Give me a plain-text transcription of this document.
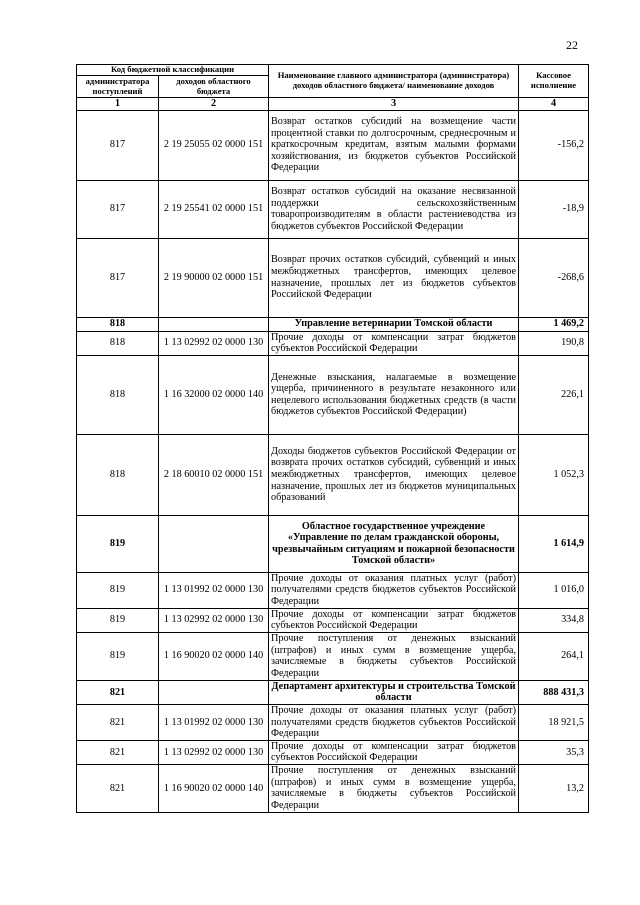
22
Код бюджетной классификации		Наименование главного администратора (администратора) доходов областного бюджета/ наименование доходов	Кассовое исполнение
администратора поступлений	доходов областного бюджета		
1	2	3	4
817	2 19 25055 02 0000 151	Возврат остатков субсидий на возмещение части процентной ставки по долгосрочным, среднесрочным и краткосрочным кредитам, взятым малыми формами хозяйствования, из бюджетов субъектов Российской Федерации	-156,2
817	2 19 25541 02 0000 151	Возврат остатков субсидий на оказание несвязанной поддержки сельскохозяйственным товаропроизводителям в области растениеводства из бюджетов субъектов Российской Федерации	-18,9
817	2 19 90000 02 0000 151	Возврат прочих остатков субсидий, субвенций и иных межбюджетных трансфертов, имеющих целевое назначение, прошлых лет из бюджетов субъектов Российской Федерации	-268,6
818		Управление ветеринарии Томской области	1 469,2
818	1 13 02992 02 0000 130	Прочие доходы от компенсации затрат бюджетов субъектов Российской Федерации	190,8
818	1 16 32000 02 0000 140	Денежные взыскания, налагаемые в возмещение ущерба, причиненного в результате незаконного или нецелевого использования бюджетных средств (в части бюджетов субъектов Российской Федерации)	226,1
818	2 18 60010 02 0000 151	Доходы бюджетов субъектов Российской Федерации от возврата прочих остатков субсидий, субвенций и иных межбюджетных трансфертов, имеющих целевое назначение, прошлых лет из бюджетов муниципальных образований	1 052,3
819		Областное государственное учреждение «Управление по делам гражданской обороны, чрезвычайным ситуациям и пожарной безопасности Томской области»	1 614,9
819	1 13 01992 02 0000 130	Прочие доходы от оказания платных услуг (работ) получателями средств бюджетов субъектов Российской Федерации	1 016,0
819	1 13 02992 02 0000 130	Прочие доходы от компенсации затрат бюджетов субъектов Российской Федерации	334,8
819	1 16 90020 02 0000 140	Прочие поступления от денежных взысканий (штрафов) и иных сумм в возмещение ущерба, зачисляемые в бюджеты субъектов Российской Федерации	264,1
821		Департамент архитектуры и строительства Томской области	888 431,3
821	1 13 01992 02 0000 130	Прочие доходы от оказания платных услуг (работ) получателями средств бюджетов субъектов Российской Федерации	18 921,5
821	1 13 02992 02 0000 130	Прочие доходы от компенсации затрат бюджетов субъектов Российской Федерации	35,3
821	1 16 90020 02 0000 140	Прочие поступления от денежных взысканий (штрафов) и иных сумм в возмещение ущерба, зачисляемые в бюджеты субъектов Российской Федерации	13,2
